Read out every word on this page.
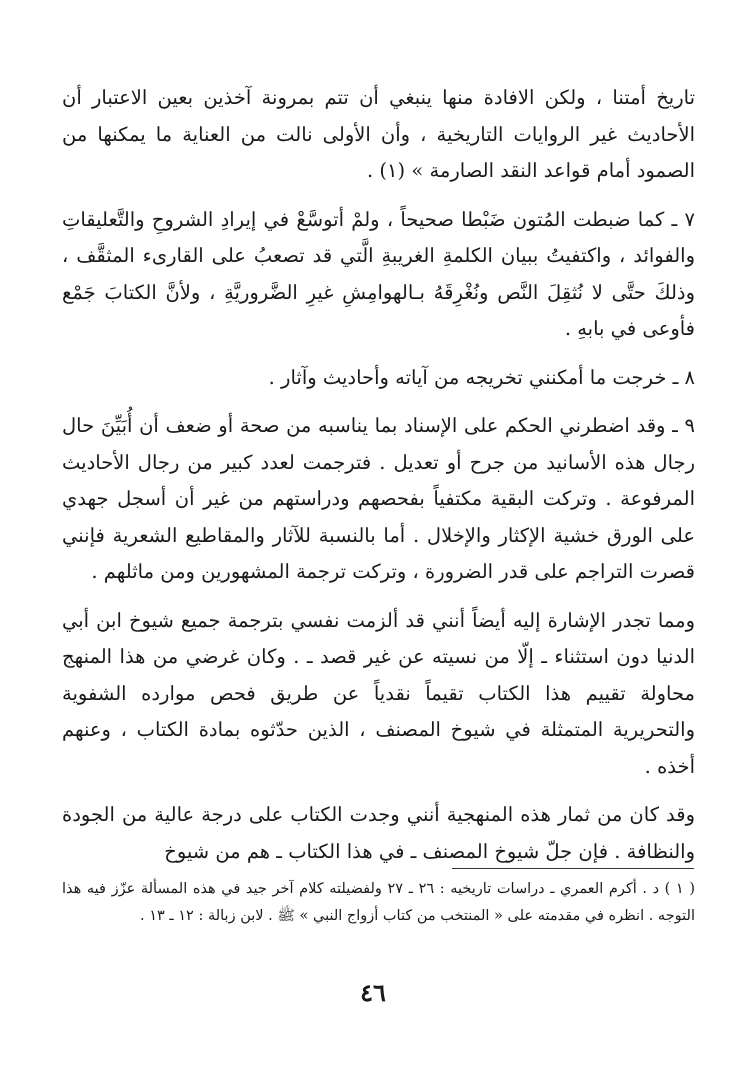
تاريخ أمتنا ، ولكن الافادة منها ينبغي أن تتم بمرونة آخذين بعين الاعتبار أن الأحاديث غير الروايات التاريخية ، وأن الأولى نالت من العناية ما يمكنها من الصمود أمام قواعد النقد الصارمة » (١) .

٧ ـ كما ضبطت المُتون ضَبْطا صحيحاً ، ولمْ أتوسَّعْ في إيرادِ الشروحِ والتَّعليقاتِ والفوائد ، واكتفيتُ ببيان الكلمةِ الغريبةِ الَّتي قد تصعبُ على القارىء المثقَّف ، وذلكَ حتَّى لا نُثقِلَ النَّص ونُغْرِقَهُ بـالهوامِشِ غيرِ الضَّروريَّةِ ، ولأنَّ الكتابَ جَمْع فأوعى في بابهِ .

٨ ـ خرجت ما أمكنني تخريجه من آياته وأحاديث وآثار .

٩ ـ وقد اضطرني الحكم على الإسناد بما يناسبه من صحة أو ضعف أن أُبَيِّنَ حال رجال هذه الأسانيد من جرح أو تعديل . فترجمت لعدد كبير من رجال الأحاديث المرفوعة . وتركت البقية مكتفياً بفحصهم ودراستهم من غير أن أسجل جهدي على الورق خشية الإكثار والإخلال . أما بالنسبة للآثار والمقاطيع الشعرية فإنني قصرت التراجم على قدر الضرورة ، وتركت ترجمة المشهورين ومن ماثلهم .

ومما تجدر الإشارة إليه أيضاً أنني قد ألزمت نفسي بترجمة جميع شيوخ ابن أبي الدنيا دون استثناء ـ إلّا من نسيته عن غير قصد ـ . وكان غرضي من هذا المنهج محاولة تقييم هذا الكتاب تقيماً نقدياً عن طريق فحص موارده الشفوية والتحريرية المتمثلة في شيوخ المصنف ، الذين حدّثوه بمادة الكتاب ، وعنهم أخذه .

وقد كان من ثمار هذه المنهجية أنني وجدت الكتاب على درجة عالية من الجودة والنظافة . فإن جلّ شيوخ المصنف ـ في هذا الكتاب ـ هم من شيوخ

( ١ ) د . أكرم العمري ـ دراسات تاريخيه : ٢٦ ـ ٢٧ ولفضيلته كلام آخر جيد في هذه المسألة عزّز فيه هذا التوجه . انظره في مقدمته على « المنتخب من كتاب أزواج النبي » ﷺ . لابن زبالة : ١٢ ـ ١٣ .
٤٦
